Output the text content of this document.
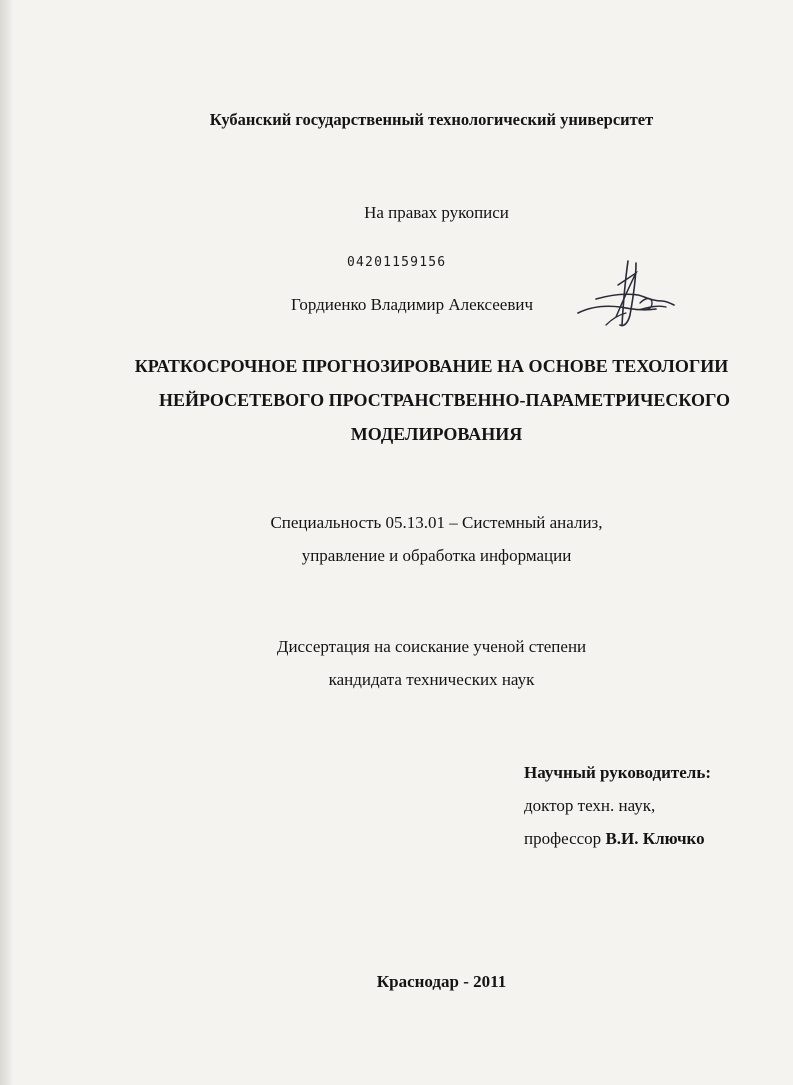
Кубанский государственный технологический университет
На правах рукописи
04201159156
Гордиенко Владимир Алексеевич
КРАТКОСРОЧНОЕ ПРОГНОЗИРОВАНИЕ НА ОСНОВЕ ТЕХОЛОГИИ
НЕЙРОСЕТЕВОГО ПРОСТРАНСТВЕННО-ПАРАМЕТРИЧЕСКОГО
МОДЕЛИРОВАНИЯ
Специальность 05.13.01 – Системный анализ,
управление и обработка информации
Диссертация на соискание ученой степени
кандидата технических наук
Научный руководитель:
доктор техн. наук,
профессор В.И. Ключко
Краснодар - 2011
